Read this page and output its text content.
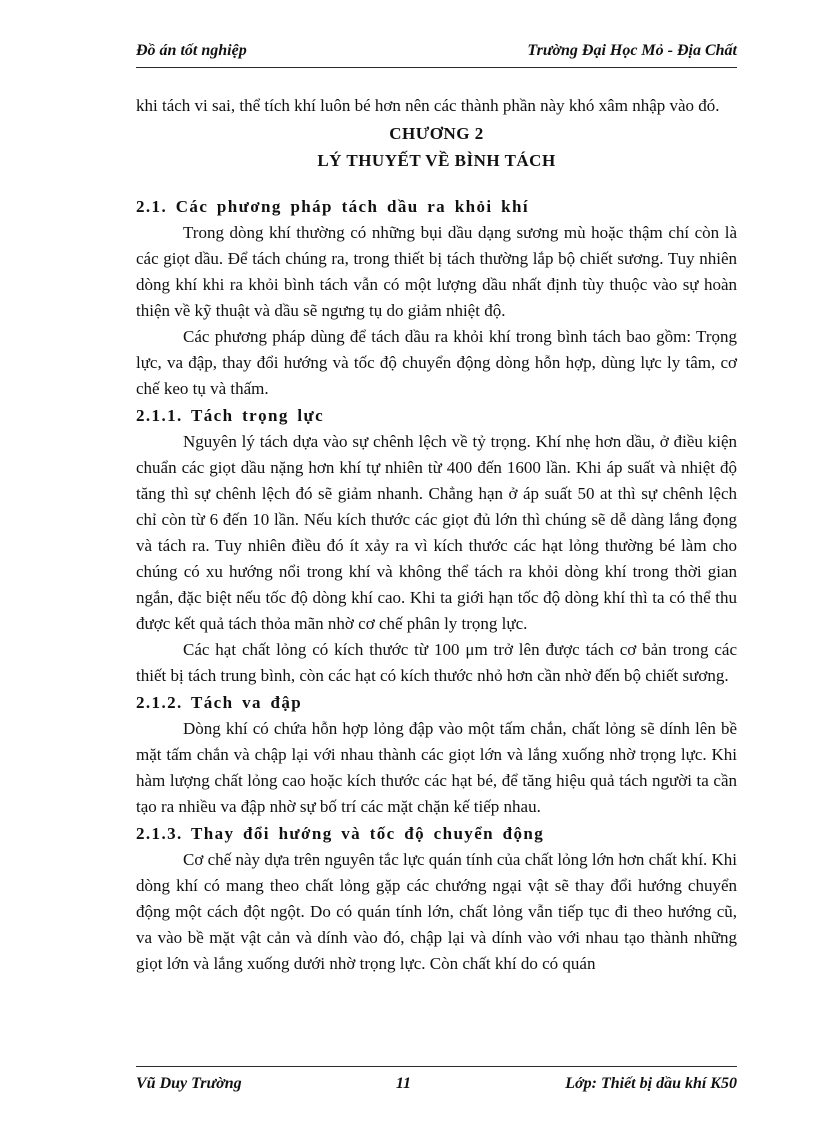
Đồ án tốt nghiệp	Trường Đại Học Mỏ - Địa Chất

khi tách vi sai, thể tích khí luôn bé hơn nên các thành phần này khó xâm nhập vào đó.

CHƯƠNG 2
LÝ THUYẾT VỀ BÌNH TÁCH
2.1. Các phương pháp tách dầu ra khỏi khí

Trong dòng khí thường có những bụi dầu dạng sương mù hoặc thậm chí còn là các giọt dầu. Để tách chúng ra, trong thiết bị tách thường lắp bộ chiết sương. Tuy nhiên dòng khí khi ra khỏi bình tách vẫn có một lượng dầu nhất định tùy thuộc vào sự hoàn thiện về kỹ thuật và dầu sẽ ngưng tụ do giảm nhiệt độ.

Các phương pháp dùng để tách dầu ra khỏi khí trong bình tách bao gồm: Trọng lực, va đập, thay đổi hướng và tốc độ chuyển động dòng hỗn hợp, dùng lực ly tâm, cơ chế keo tụ và thấm.

2.1.1. Tách trọng lực

Nguyên lý tách dựa vào sự chênh lệch về tỷ trọng. Khí nhẹ hơn dầu, ở điều kiện chuẩn các giọt dầu nặng hơn khí tự nhiên từ 400 đến 1600 lần. Khi áp suất và nhiệt độ tăng thì sự chênh lệch đó sẽ giảm nhanh. Chẳng hạn ở áp suất 50 at thì sự chênh lệch chỉ còn từ 6 đến 10 lần. Nếu kích thước các giọt đủ lớn thì chúng sẽ dễ dàng lắng đọng và tách ra. Tuy nhiên điều đó ít xảy ra vì kích thước các hạt lỏng thường bé làm cho chúng có xu hướng nổi trong khí và không thể tách ra khỏi dòng khí trong thời gian ngắn, đặc biệt nếu tốc độ dòng khí cao. Khi ta giới hạn tốc độ dòng khí thì ta có thể thu được kết quả tách thỏa mãn nhờ cơ chế phân ly trọng lực.

Các hạt chất lỏng có kích thước từ 100 μm trở lên được tách cơ bản trong các thiết bị tách trung bình, còn các hạt có kích thước nhỏ hơn cần nhờ đến bộ chiết sương.

2.1.2. Tách va đập

Dòng khí có chứa hỗn hợp lỏng đập vào một tấm chắn, chất lỏng sẽ dính lên bề mặt tấm chắn và chập lại với nhau thành các giọt lớn và lắng xuống nhờ trọng lực. Khi hàm lượng chất lỏng cao hoặc kích thước các hạt bé, để tăng hiệu quả tách người ta cần tạo ra nhiều va đập nhờ sự bố trí các mặt chặn kế tiếp nhau.

2.1.3. Thay đổi hướng và tốc độ chuyển động

Cơ chế này dựa trên nguyên tắc lực quán tính của chất lỏng lớn hơn chất khí. Khi dòng khí có mang theo chất lỏng gặp các chướng ngại vật sẽ thay đổi hướng chuyển động một cách đột ngột. Do có quán tính lớn, chất lỏng vẫn tiếp tục đi theo hướng cũ, va vào bề mặt vật cản và dính vào đó, chập lại và dính vào với nhau tạo thành những giọt lớn và lắng xuống dưới nhờ trọng lực. Còn chất khí do có quán

Vũ Duy Trường	11	Lớp: Thiết bị dầu khí K50
